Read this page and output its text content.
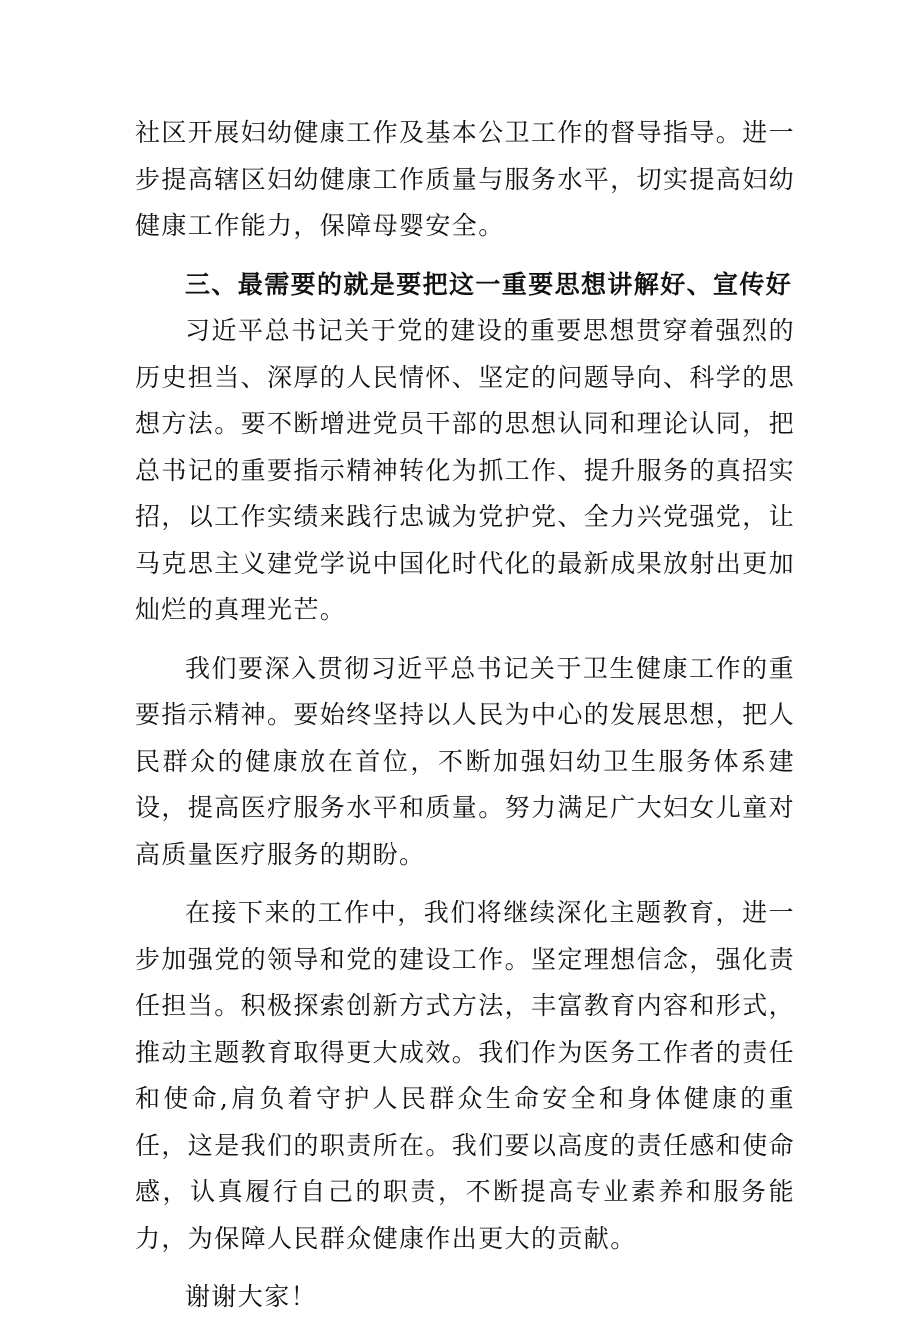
社区开展妇幼健康工作及基本公卫工作的督导指导。进一步提高辖区妇幼健康工作质量与服务水平，切实提高妇幼健康工作能力，保障母婴安全。

三、最需要的就是要把这一重要思想讲解好、宣传好

习近平总书记关于党的建设的重要思想贯穿着强烈的历史担当、深厚的人民情怀、坚定的问题导向、科学的思想方法。要不断增进党员干部的思想认同和理论认同，把总书记的重要指示精神转化为抓工作、提升服务的真招实招，以工作实绩来践行忠诚为党护党、全力兴党强党，让马克思主义建党学说中国化时代化的最新成果放射出更加灿烂的真理光芒。

我们要深入贯彻习近平总书记关于卫生健康工作的重要指示精神。要始终坚持以人民为中心的发展思想，把人民群众的健康放在首位，不断加强妇幼卫生服务体系建设，提高医疗服务水平和质量。努力满足广大妇女儿童对高质量医疗服务的期盼。

在接下来的工作中，我们将继续深化主题教育，进一步加强党的领导和党的建设工作。坚定理想信念，强化责任担当。积极探索创新方式方法，丰富教育内容和形式，推动主题教育取得更大成效。我们作为医务工作者的责任和使命,肩负着守护人民群众生命安全和身体健康的重任，这是我们的职责所在。我们要以高度的责任感和使命感，认真履行自己的职责，不断提高专业素养和服务能力，为保障人民群众健康作出更大的贡献。

谢谢大家！
